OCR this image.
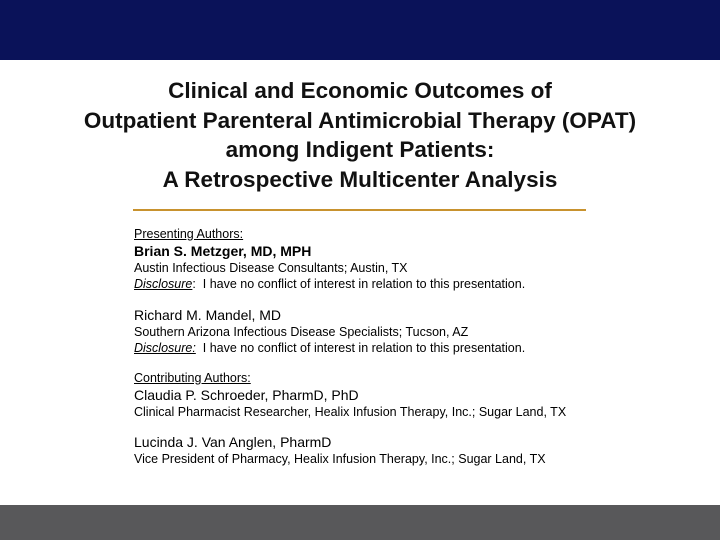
Clinical and Economic Outcomes of
Outpatient Parenteral Antimicrobial Therapy (OPAT)
among Indigent Patients:
A Retrospective Multicenter Analysis
Presenting Authors:
Brian S. Metzger, MD, MPH
Austin Infectious Disease Consultants; Austin, TX
Disclosure:  I have no conflict of interest in relation to this presentation.
Richard M. Mandel, MD
Southern Arizona Infectious Disease Specialists; Tucson, AZ
Disclosure:  I have no conflict of interest in relation to this presentation.
Contributing Authors:
Claudia P. Schroeder, PharmD, PhD
Clinical Pharmacist Researcher, Healix Infusion Therapy, Inc.; Sugar Land, TX
Lucinda J. Van Anglen, PharmD
Vice President of Pharmacy, Healix Infusion Therapy, Inc.; Sugar Land, TX
